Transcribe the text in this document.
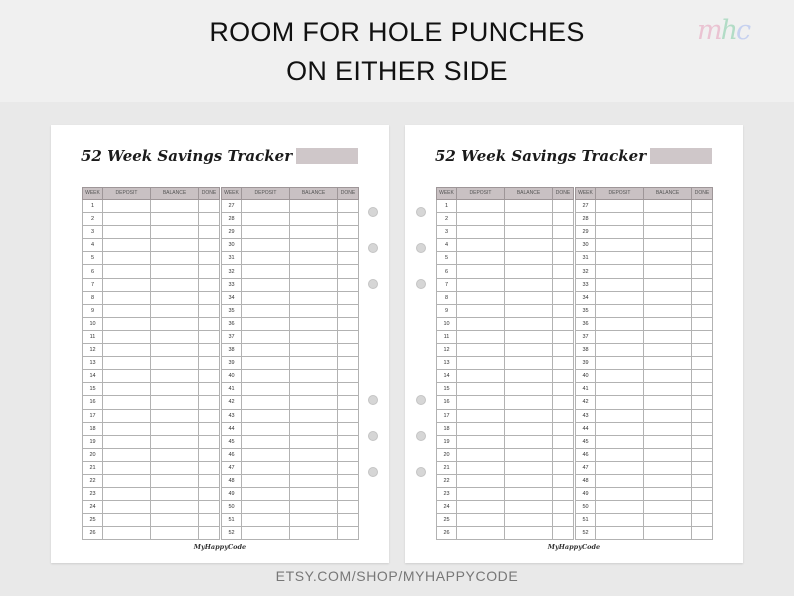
ROOM FOR HOLE PUNCHES
ON EITHER SIDE
mhc
52 Week Savings Tracker
WEEK	DEPOSIT	BALANCE	DONE
1			
2			
3			
4			
5			
6			
7			
8			
9			
10			
11			
12			
13			
14			
15			
16			
17			
18			
19			
20			
21			
22			
23			
24			
25			
26			
WEEK	DEPOSIT	BALANCE	DONE
27			
28			
29			
30			
31			
32			
33			
34			
35			
36			
37			
38			
39			
40			
41			
42			
43			
44			
45			
46			
47			
48			
49			
50			
51			
52			
MyHappyCode
52 Week Savings Tracker
WEEK	DEPOSIT	BALANCE	DONE
1			
2			
3			
4			
5			
6			
7			
8			
9			
10			
11			
12			
13			
14			
15			
16			
17			
18			
19			
20			
21			
22			
23			
24			
25			
26			
WEEK	DEPOSIT	BALANCE	DONE
27			
28			
29			
30			
31			
32			
33			
34			
35			
36			
37			
38			
39			
40			
41			
42			
43			
44			
45			
46			
47			
48			
49			
50			
51			
52			
MyHappyCode
ETSY.COM/SHOP/MYHAPPYCODE
